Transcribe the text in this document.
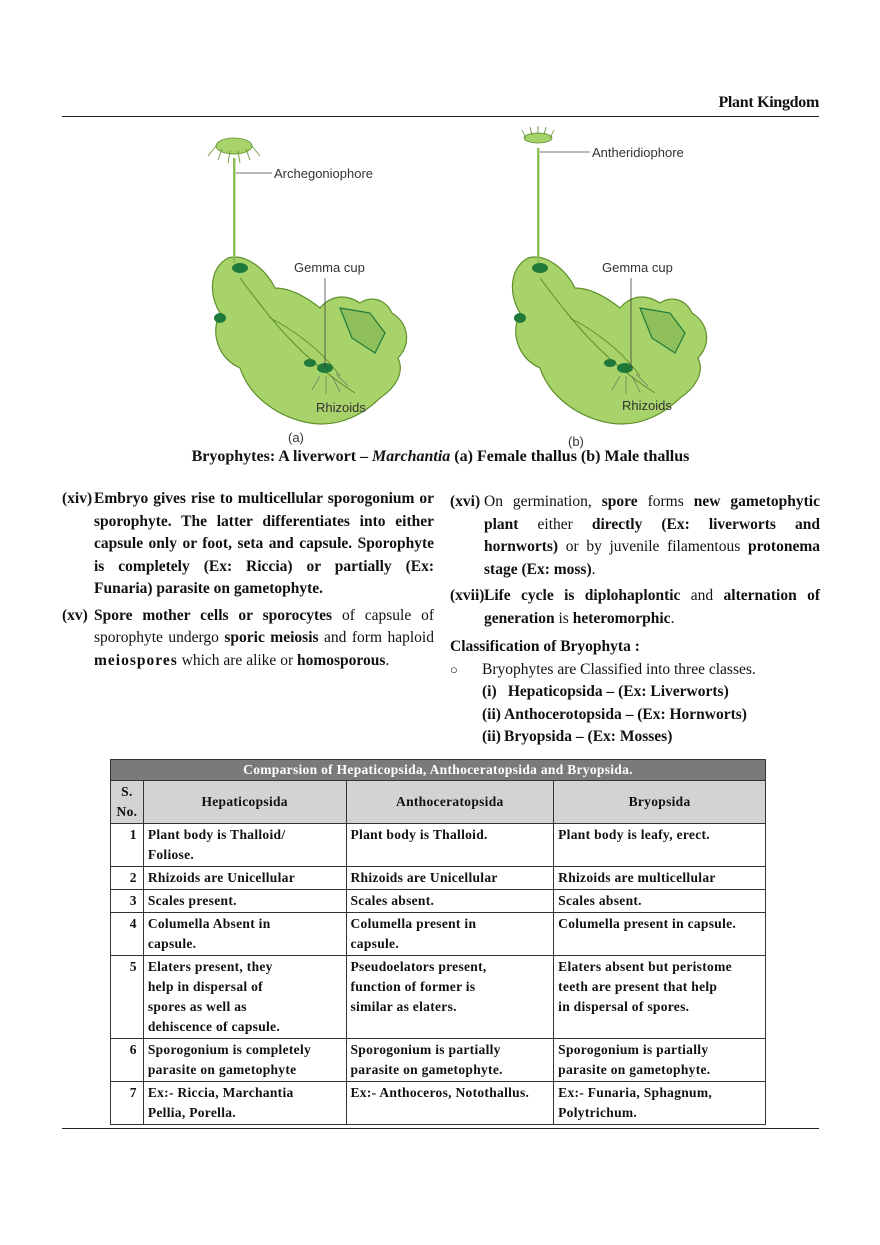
Plant Kingdom
Archegoniophore
Gemma cup
Rhizoids
(a)
Antheridiophore
Gemma cup
Rhizoids
(b)
Bryophytes: A liverwort – Marchantia (a) Female thallus (b) Male thallus
(xiv) Embryo gives rise to multicellular sporogonium or sporophyte. The latter differentiates into either capsule only or foot, seta and capsule. Sporophyte is completely (Ex: Riccia) or partially (Ex: Funaria) parasite on gametophyte.
(xv) Spore mother cells or sporocytes of capsule of sporophyte undergo sporic meiosis and form haploid meiospores which are alike or homosporous.
(xvi) On germination, spore forms new gametophytic plant either directly (Ex: liverworts and hornworts) or by juvenile filamentous protonema stage (Ex: moss).
(xvii) Life cycle is diplohaplontic and alternation of generation is heteromorphic.
Classification of Bryophyta :
○ Bryophytes are Classified into three classes.
(i) Hepaticopsida – (Ex: Liverworts)
(ii) Anthocerotopsida – (Ex: Hornworts)
(ii) Bryopsida – (Ex: Mosses)
Comparsion of Hepaticopsida, Anthoceratopsida and Bryopsida.			
S.
No.	Hepaticopsida	Anthoceratopsida	Bryopsida
1	Plant body is Thalloid/
Foliose.	Plant body is Thalloid.	Plant body is leafy, erect.
2	Rhizoids are Unicellular	Rhizoids are Unicellular	Rhizoids are multicellular
3	Scales present.	Scales absent.	Scales absent.
4	Columella Absent in
capsule.	Columella present in
capsule.	Columella present in capsule.
5	Elaters present, they
help in dispersal of
spores as well as
dehiscence of capsule.	Pseudoelators present,
function of former is
similar as elaters.	Elaters absent but peristome
teeth are present that help
in dispersal of spores.
6	Sporogonium is completely
parasite on gametophyte	Sporogonium is partially
parasite on gametophyte.	Sporogonium is partially
parasite on gametophyte.
7	Ex:- Riccia, Marchantia
Pellia, Porella.	Ex:- Anthoceros, Notothallus.	Ex:- Funaria, Sphagnum,
Polytrichum.
